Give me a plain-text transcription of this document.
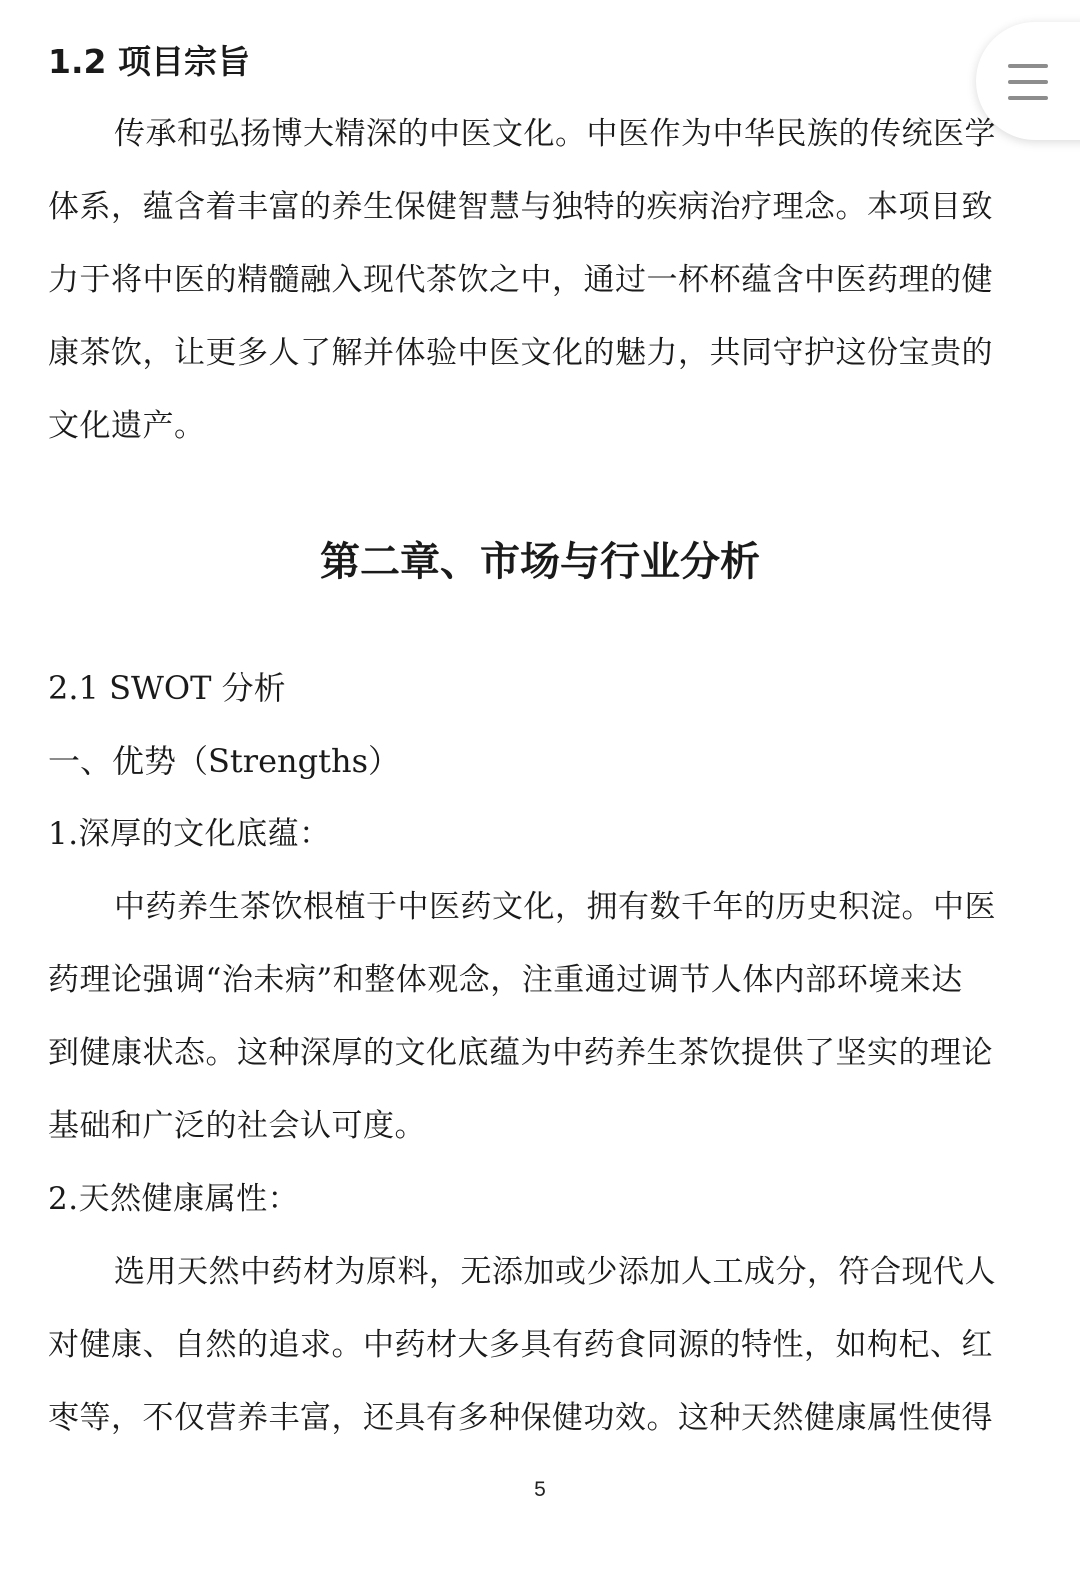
1.2 项目宗旨
传承和弘扬博大精深的中医文化。中医作为中华民族的传统医学
体系，蕴含着丰富的养生保健智慧与独特的疾病治疗理念。本项目致
力于将中医的精髓融入现代茶饮之中，通过一杯杯蕴含中医药理的健
康茶饮，让更多人了解并体验中医文化的魅力，共同守护这份宝贵的
文化遗产。
第二章、市场与行业分析
2.1 SWOT 分析
一、优势（Strengths）
1.深厚的文化底蕴：
中药养生茶饮根植于中医药文化，拥有数千年的历史积淀。中医
药理论强调“治未病”和整体观念，注重通过调节人体内部环境来达
到健康状态。这种深厚的文化底蕴为中药养生茶饮提供了坚实的理论
基础和广泛的社会认可度。
2.天然健康属性：
选用天然中药材为原料，无添加或少添加人工成分，符合现代人
对健康、自然的追求。中药材大多具有药食同源的特性，如枸杞、红
枣等，不仅营养丰富，还具有多种保健功效。这种天然健康属性使得
5
